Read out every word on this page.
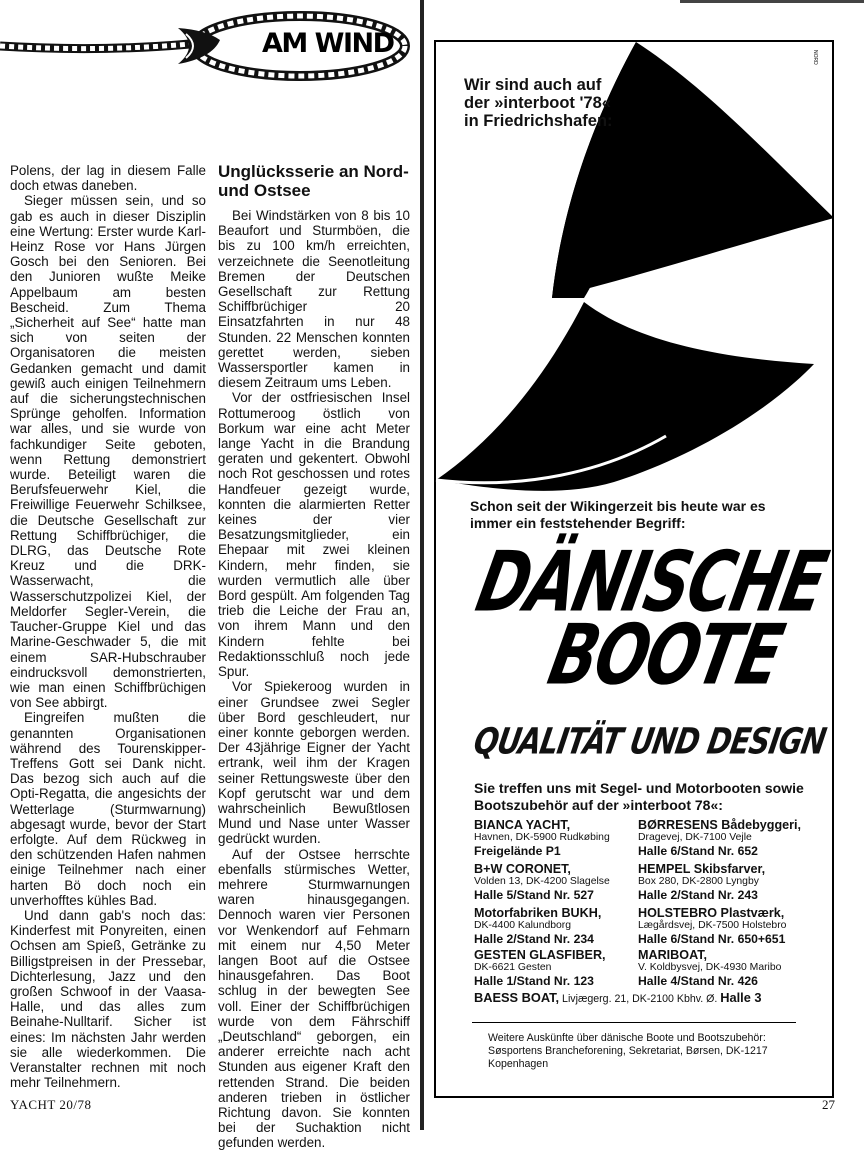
AM WIND

Polens, der lag in diesem Falle doch etwas daneben.

Sieger müssen sein, und so gab es auch in dieser Disziplin eine Wertung: Erster wurde Karl-Heinz Rose vor Hans Jürgen Gosch bei den Senioren. Bei den Junioren wußte Meike Appelbaum am besten Bescheid. Zum Thema „Sicherheit auf See“ hatte man sich von seiten der Organisatoren die meisten Gedanken gemacht und damit gewiß auch einigen Teilnehmern auf die sicherungstechnischen Sprünge geholfen. Information war alles, und sie wurde von fachkundiger Seite geboten, wenn Rettung demonstriert wurde. Beteiligt waren die Berufsfeuerwehr Kiel, die Freiwillige Feuerwehr Schilksee, die Deutsche Gesellschaft zur Rettung Schiffbrüchiger, die DLRG, das Deutsche Rote Kreuz und die DRK-Wasserwacht, die Wasserschutzpolizei Kiel, der Meldorfer Segler-Verein, die Taucher-Gruppe Kiel und das Marine-Geschwader 5, die mit einem SAR-Hubschrauber eindrucksvoll demonstrierten, wie man einen Schiffbrüchigen von See abbirgt.

Eingreifen mußten die genannten Organisationen während des Tourenskipper-Treffens Gott sei Dank nicht. Das bezog sich auch auf die Opti-Regatta, die angesichts der Wetterlage (Sturmwarnung) abgesagt wurde, bevor der Start erfolgte. Auf dem Rückweg in den schützenden Hafen nahmen einige Teilnehmer nach einer harten Bö doch noch ein unverhofftes kühles Bad.

Und dann gab's noch das: Kinderfest mit Ponyreiten, einen Ochsen am Spieß, Getränke zu Billigstpreisen in der Pressebar, Dichterlesung, Jazz und den großen Schwoof in der Vaasa-Halle, und das alles zum Beinahe-Nulltarif. Sicher ist eines: Im nächsten Jahr werden sie alle wiederkommen. Die Veranstalter rechnen mit noch mehr Teilnehmern.

Unglücksserie an Nord- und Ostsee

Bei Windstärken von 8 bis 10 Beaufort und Sturmböen, die bis zu 100 km/h erreichten, verzeichnete die Seenotleitung Bremen der Deutschen Gesellschaft zur Rettung Schiffbrüchiger 20 Einsatzfahrten in nur 48 Stunden. 22 Menschen konnten gerettet werden, sieben Wassersportler kamen in diesem Zeitraum ums Leben.

Vor der ostfriesischen Insel Rottumeroog östlich von Borkum war eine acht Meter lange Yacht in die Brandung geraten und gekentert. Obwohl noch Rot geschossen und rotes Handfeuer gezeigt wurde, konnten die alarmierten Retter keines der vier Besatzungsmitglieder, ein Ehepaar mit zwei kleinen Kindern, mehr finden, sie wurden vermutlich alle über Bord gespült. Am folgenden Tag trieb die Leiche der Frau an, von ihrem Mann und den Kindern fehlte bei Redaktionsschluß noch jede Spur.

Vor Spiekeroog wurden in einer Grundsee zwei Segler über Bord geschleudert, nur einer konnte geborgen werden. Der 43jährige Eigner der Yacht ertrank, weil ihm der Kragen seiner Rettungsweste über den Kopf gerutscht war und dem wahrscheinlich Bewußtlosen Mund und Nase unter Wasser gedrückt wurden.

Auf der Ostsee herrschte ebenfalls stürmisches Wetter, mehrere Sturmwarnungen waren hinausgegangen. Dennoch waren vier Personen vor Wenkendorf auf Fehmarn mit einem nur 4,50 Meter langen Boot auf die Ostsee hinausgefahren. Das Boot schlug in der bewegten See voll. Einer der Schiffbrüchigen wurde von dem Fährschiff „Deutschland“ geborgen, ein anderer erreichte nach acht Stunden aus eigener Kraft den rettenden Strand. Die beiden anderen trieben in östlicher Richtung davon. Sie konnten bei der Suchaktion nicht gefunden werden.

Wir sind auch auf der »interboot '78« in Friedrichshafen:
NORD
Schon seit der Wikingerzeit bis heute war es immer ein feststehender Begriff:
DÄNISCHE
BOOTE
QUALITÄT UND DESIGN
Sie treffen uns mit Segel- und Motorbooten sowie Bootszubehör auf der »interboot 78«:
BIANCA YACHT,
Havnen, DK-5900 Rudkøbing
Freigelände P1
BØRRESENS Bådebyggeri,
Dragevej, DK-7100 Vejle
Halle 6/Stand Nr. 652
B+W CORONET,
Volden 13, DK-4200 Slagelse
Halle 5/Stand Nr. 527
HEMPEL Skibsfarver,
Box 280, DK-2800 Lyngby
Halle 2/Stand Nr. 243
Motorfabriken BUKH,
DK-4400 Kalundborg
Halle 2/Stand Nr. 234
HOLSTEBRO Plastværk,
Lægårdsvej, DK-7500 Holstebro
Halle 6/Stand Nr. 650+651
GESTEN GLASFIBER,
DK-6621 Gesten
Halle 1/Stand Nr. 123
MARIBOAT,
V. Koldbysvej, DK-4930 Maribo
Halle 4/Stand Nr. 426
BAESS BOAT, Livjægerg. 21, DK-2100 Kbhv. Ø. Halle 3
Weitere Auskünfte über dänische Boote und Bootszubehör: Søsportens Brancheforening, Sekretariat, Børsen, DK-1217 Kopenhagen
YACHT 20/78	27
